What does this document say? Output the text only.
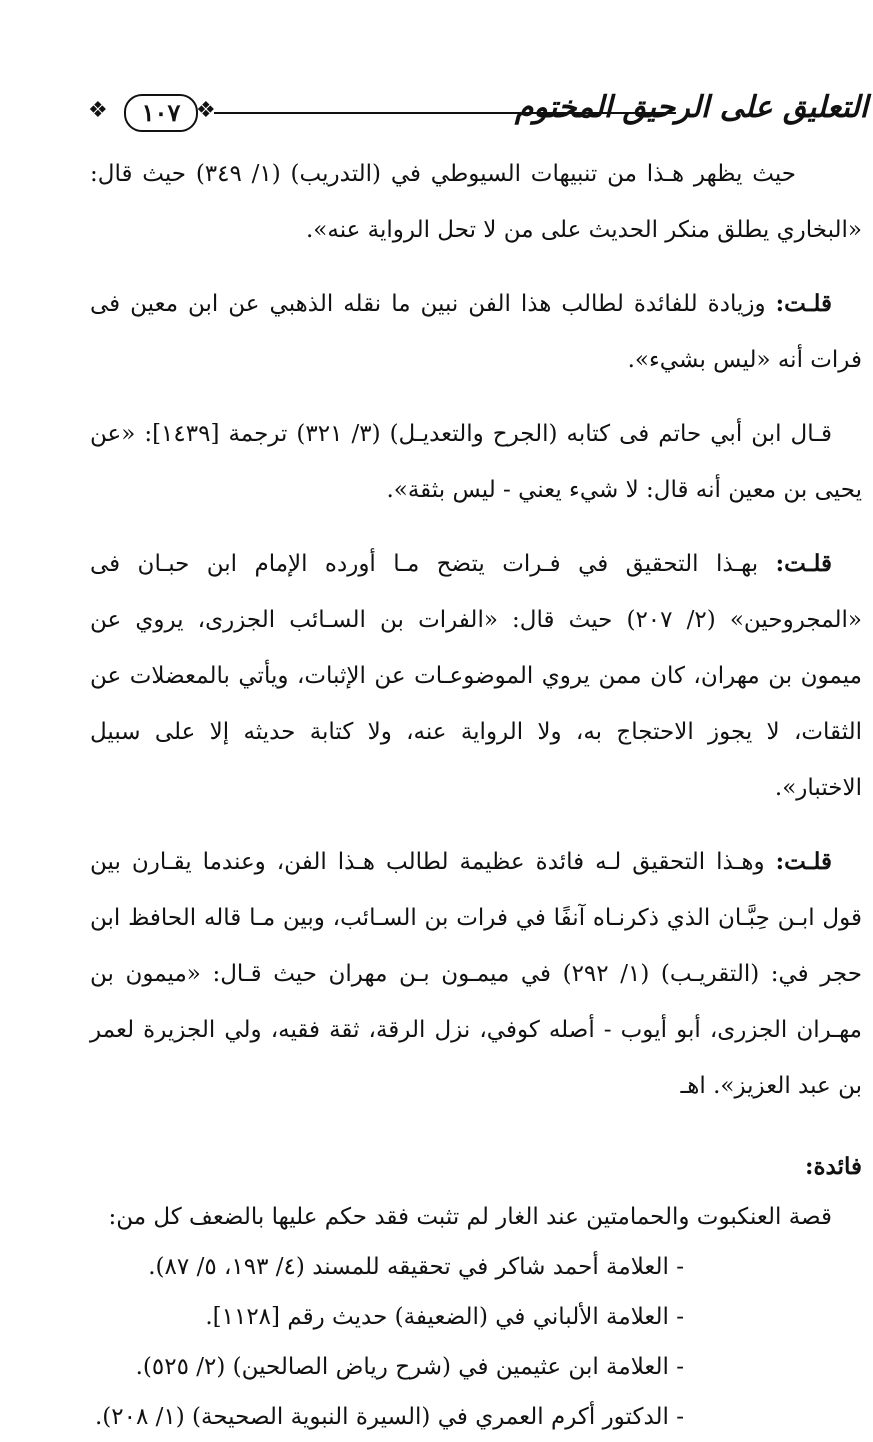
❖	١٠٧ ❖	التعليق على الرحيق المختوم

حيث يظهر هـذا من تنبيهات السيوطي في (التدريب) (١/ ٣٤٩) حيث قال: «البخاري يطلق منكر الحديث على من لا تحل الرواية عنه».

قلـت: وزيادة للفائدة لطالب هذا الفن نبين ما نقله الذهبي عن ابن معين فى فرات أنه «ليس بشيء».

قـال ابن أبي حاتم فى كتابه (الجرح والتعديـل) (٣/ ٣٢١) ترجمة [١٤٣٩]: «عن يحيى بن معين أنه قال: لا شيء يعني - ليس بثقة».

قلـت: بهـذا التحقيق في فـرات يتضح مـا أورده الإمام ابن حبـان فى «المجروحين» (٢/ ٢٠٧) حيث قال: «الفرات بن السـائب الجزرى، يروي عن ميمون بن مهران، كان ممن يروي الموضوعـات عن الإثبات، ويأتي بالمعضلات عن الثقات، لا يجوز الاحتجاج به، ولا الرواية عنه، ولا كتابة حديثه إلا على سبيل الاختبار».

قلـت: وهـذا التحقيق لـه فائدة عظيمة لطالب هـذا الفن، وعندما يقـارن بين قول ابـن حِبَّـان الذي ذكرنـاه آنفًا في فرات بن السـائب، وبين مـا قاله الحافظ ابن حجر في: (التقريـب) (١/ ٢٩٢) في ميمـون بـن مهران حيث قـال: «ميمون بن مهـران الجزرى، أبو أيوب - أصله كوفي، نزل الرقة، ثقة فقيه، ولي الجزيرة لعمر بن عبد العزيز». اهـ

فائدة:

قصة العنكبوت والحمامتين عند الغار لم تثبت فقد حكم عليها بالضعف كل من:

- العلامة أحمد شاكر في تحقيقه للمسند (٤/ ١٩٣، ٥/ ٨٧).
- العلامة الألباني في (الضعيفة) حديث رقم [١١٢٨].
- العلامة ابن عثيمين في (شرح رياض الصالحين) (٢/ ٥٢٥).
- الدكتور أكرم العمري في (السيرة النبوية الصحيحة) (١/ ٢٠٨).
